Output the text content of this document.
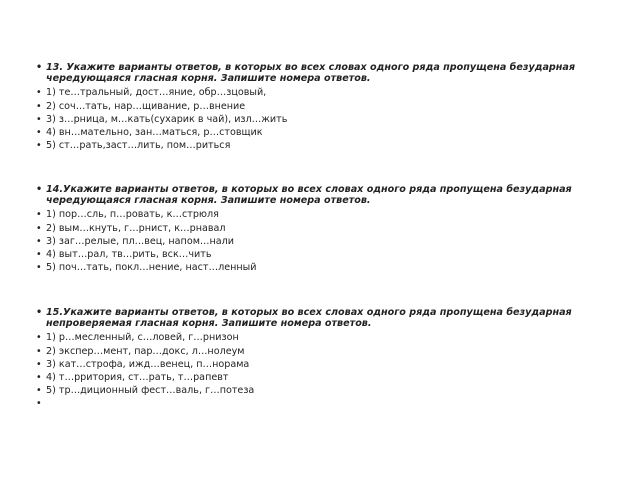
• 13. Укажите варианты ответов, в которых во всех словах одного ряда пропущена безударная чередующаяся гласная корня. Запишите номера ответов.
• 1) те…тральный, дост…яние, обр…зцовый,
• 2) соч…тать, нар…щивание, р…внение
• 3) з…рница, м…кать(сухарик в чай), изл…жить
• 4) вн…мательно, зан…маться, р…стовщик
• 5) ст…рать,заст…лить, пом…риться
• 14.Укажите варианты ответов, в которых во всех словах одного ряда пропущена безударная чередующаяся гласная корня. Запишите номера ответов.
• 1) пор…сль, п…ровать, к…стрюля
• 2) вым…кнуть, г…рнист, к…рнавал
• 3) заг…релые, пл…вец, напом…нали
• 4) выт…рал, тв…рить, вск…чить
• 5) поч…тать, покл…нение, наст…ленный
• 15.Укажите варианты ответов, в которых во всех словах одного ряда пропущена безударная непроверяемая гласная корня. Запишите номера ответов.
• 1) р…месленный, с…ловей, г…рнизон
• 2) экспер…мент, пар…докс, л…нолеум
• 3) кат…строфа, ижд…венец, п…норама
• 4) т…рритория, ст…рать, т…рапевт
• 5) тр…диционный фест…валь, г…потеза
•
